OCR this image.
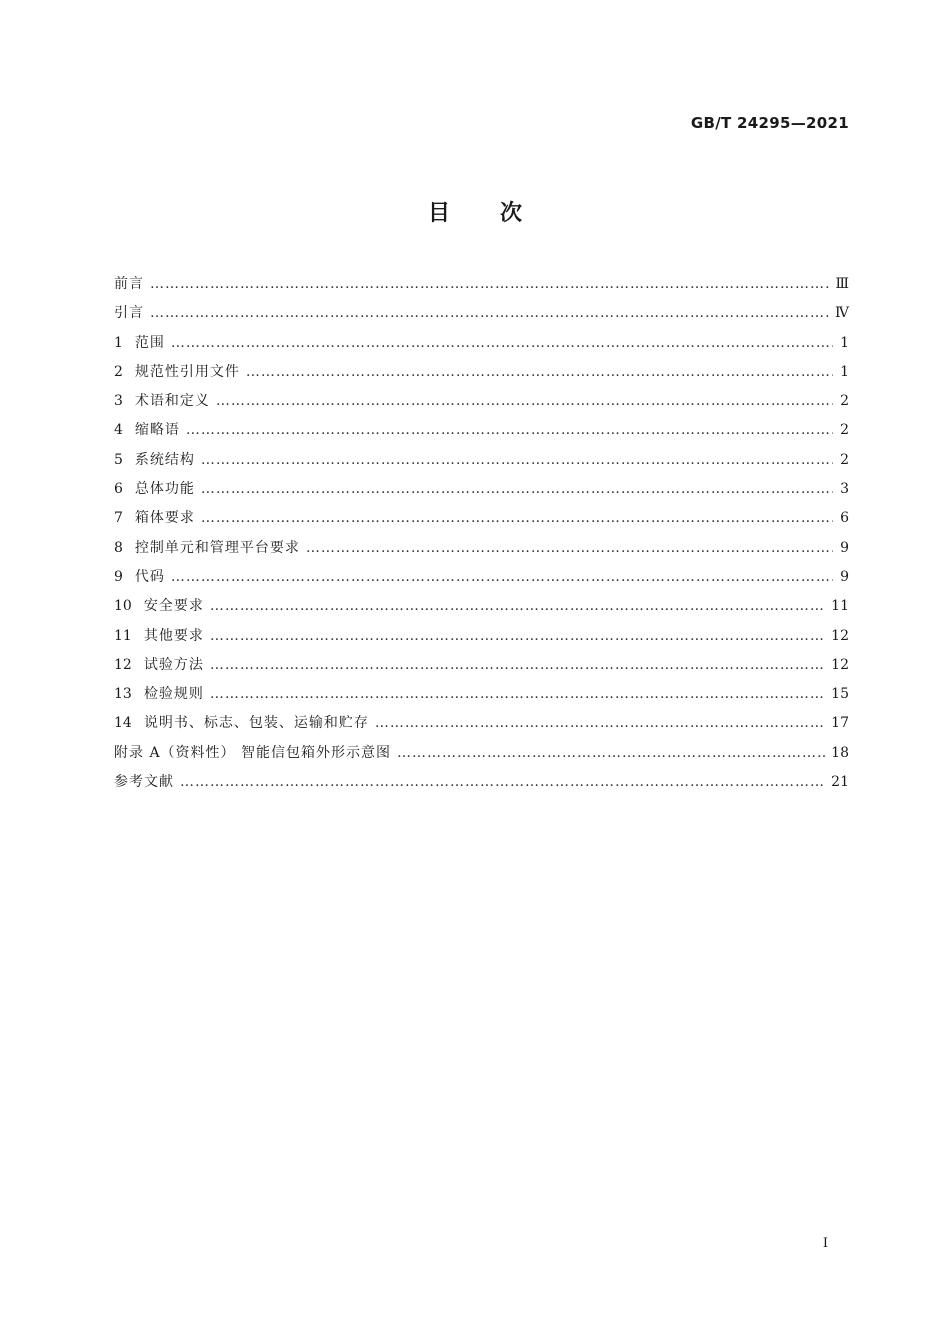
GB/T 24295—2021
目次
前言 ………………………………………………………………………………………………………………………………………………………………………………………………………………………………………	Ⅲ
引言 ………………………………………………………………………………………………………………………………………………………………………………………………………………………………………	Ⅳ
1 范围 ………………………………………………………………………………………………………………………………………………………………………………………………………………………………………	1
2 规范性引用文件 ………………………………………………………………………………………………………………………………………………………………………………………………………………………………………	1
3 术语和定义 ………………………………………………………………………………………………………………………………………………………………………………………………………………………………………	2
4 缩略语 ………………………………………………………………………………………………………………………………………………………………………………………………………………………………………	2
5 系统结构 ………………………………………………………………………………………………………………………………………………………………………………………………………………………………………	2
6 总体功能 ………………………………………………………………………………………………………………………………………………………………………………………………………………………………………	3
7 箱体要求 ………………………………………………………………………………………………………………………………………………………………………………………………………………………………………	6
8 控制单元和管理平台要求 ………………………………………………………………………………………………………………………………………………………………………………………………………………………………………	9
9 代码 ………………………………………………………………………………………………………………………………………………………………………………………………………………………………………	9
10 安全要求 ………………………………………………………………………………………………………………………………………………………………………………………………………………………………………	11
11 其他要求 ………………………………………………………………………………………………………………………………………………………………………………………………………………………………………	12
12 试验方法 ………………………………………………………………………………………………………………………………………………………………………………………………………………………………………	12
13 检验规则 ………………………………………………………………………………………………………………………………………………………………………………………………………………………………………	15
14 说明书、标志、包装、运输和贮存 ………………………………………………………………………………………………………………………………………………………………………………………………………………………………………	17
附录 A（资料性） 智能信包箱外形示意图 ………………………………………………………………………………………………………………………………………………………………………………………………………………………………………	18
参考文献 ………………………………………………………………………………………………………………………………………………………………………………………………………………………………………	21
Ⅰ
